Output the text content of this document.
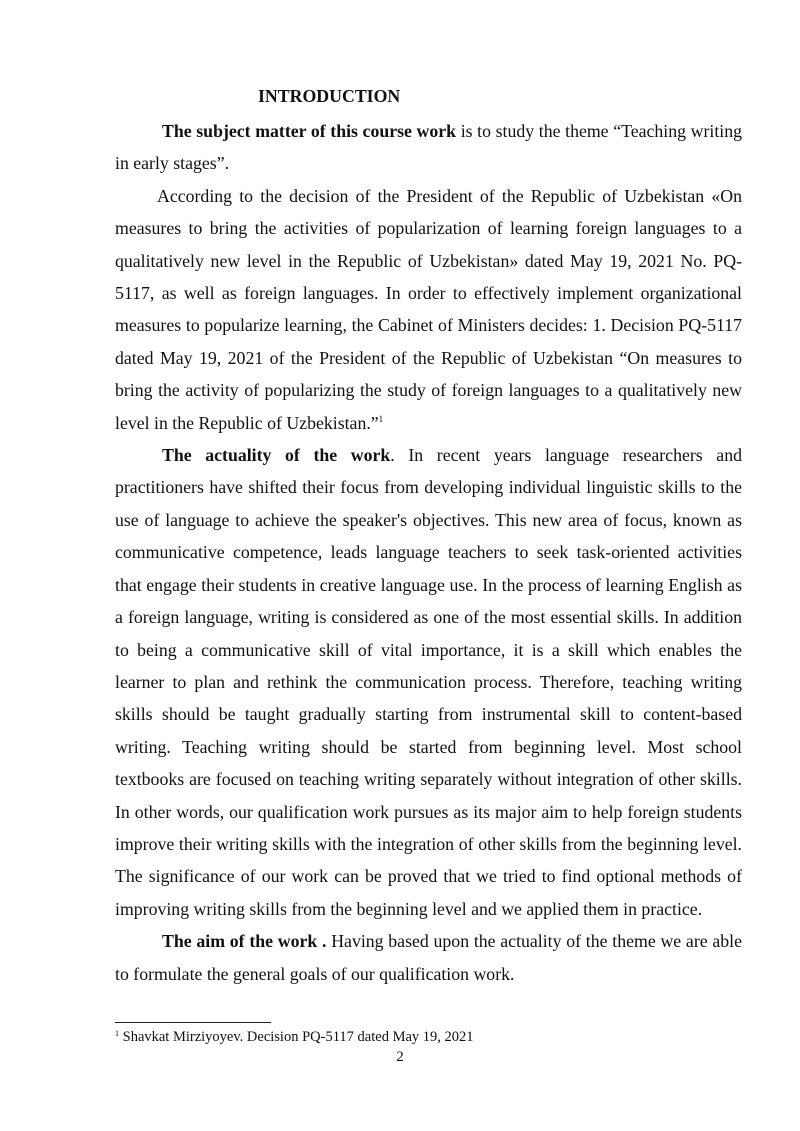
INTRODUCTION

The subject matter of this course work is to study the theme “Teaching writing in early stages”.

According to the decision of the President of the Republic of Uzbekistan «On measures to bring the activities of popularization of learning foreign languages to a qualitatively new level in the Republic of Uzbekistan» dated May 19, 2021 No. PQ-5117, as well as foreign languages. In order to effectively implement organizational measures to popularize learning, the Cabinet of Ministers decides: 1. Decision PQ-5117 dated May 19, 2021 of the President of the Republic of Uzbekistan “On measures to bring the activity of popularizing the study of foreign languages to a qualitatively new level in the Republic of Uzbekistan.”$^1$

The actuality of the work. In recent years language researchers and practitioners have shifted their focus from developing individual linguistic skills to the use of language to achieve the speaker's objectives. This new area of focus, known as communicative competence, leads language teachers to seek task-oriented activities that engage their students in creative language use. In the process of learning English as a foreign language, writing is considered as one of the most essential skills. In addition to being a communicative skill of vital importance, it is a skill which enables the learner to plan and rethink the communication process. Therefore, teaching writing skills should be taught gradually starting from instrumental skill to content-based writing. Teaching writing should be started from beginning level. Most school textbooks are focused on teaching writing separately without integration of other skills. In other words, our qualification work pursues as its major aim to help foreign students improve their writing skills with the integration of other skills from the beginning level. The significance of our work can be proved that we tried to find optional methods of improving writing skills from the beginning level and we applied them in practice.

The aim of the work . Having based upon the actuality of the theme we are able to formulate the general goals of our qualification work.

$^1$ Shavkat Mirziyoyev. Decision PQ-5117 dated May 19, 2021
2
